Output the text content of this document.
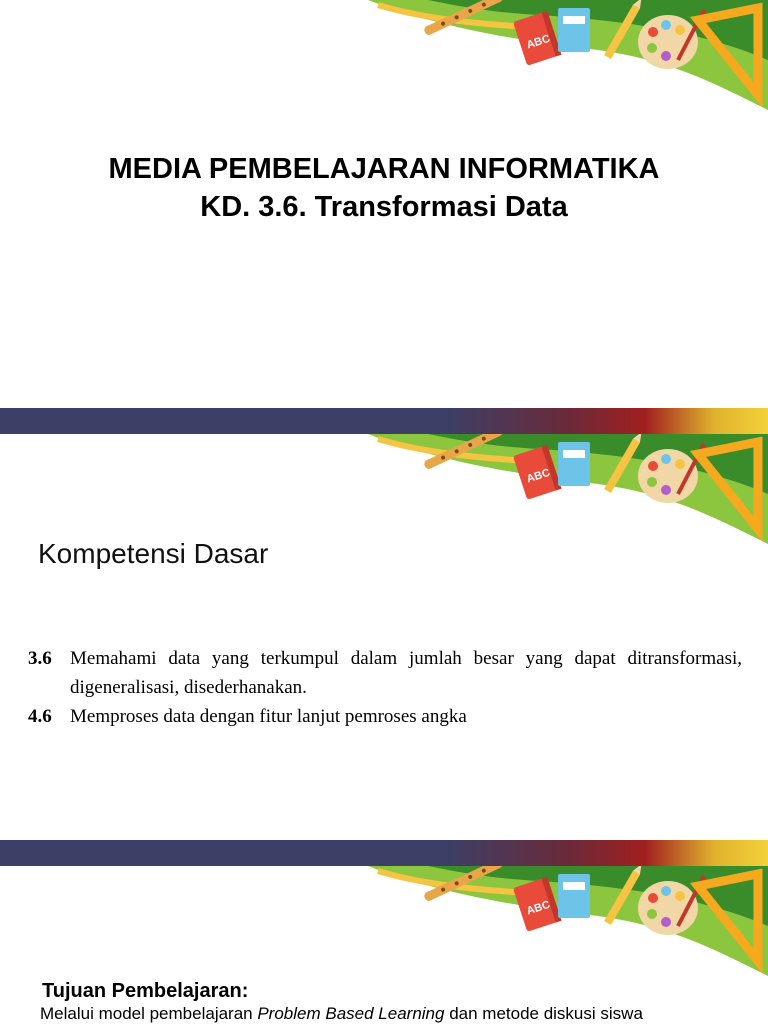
MEDIA PEMBELAJARAN INFORMATIKA
KD. 3.6. Transformasi Data
Kompetensi Dasar
3.6 Memahami data yang terkumpul dalam jumlah besar yang dapat ditransformasi, digeneralisasi, disederhanakan.
4.6 Memproses data dengan fitur lanjut pemroses angka
Tujuan Pembelajaran:
Melalui model pembelajaran Problem Based Learning dan metode diskusi siswa
